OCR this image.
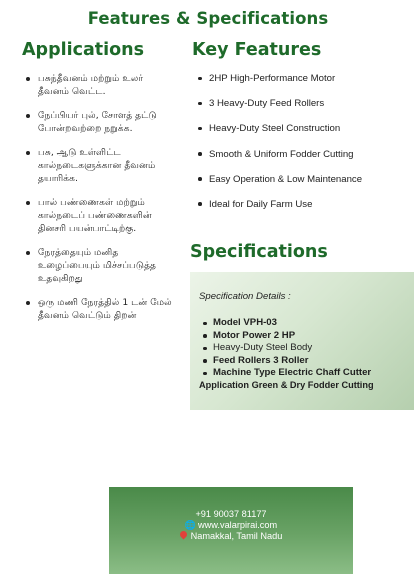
Features & Specifications
Applications
பசுந்தீவனம் மற்றும் உலர் தீவனம் வெட்ட.
நேப்பியர் புல், சோளத் தட்டு போன்றவற்றை நறுக்க.
பசு, ஆடு உள்ளிட்ட கால்நடைகளுக்கான தீவனம் தயாரிக்க.
பால் பண்ணைகள் மற்றும் கால்நடைப் பண்ணைகளின் தினசரி பயன்பாட்டிற்கு.
நேரத்தையும் மனித உழைப்பையும் மிச்சப்படுத்த உதவுகிறது
ஒரு மணி நேரத்தில் 1 டன் மேல் தீவனம் வெட்டும் திறன்
Key Features
2HP High-Performance Motor
3 Heavy-Duty Feed Rollers
Heavy-Duty Steel Construction
Smooth & Uniform Fodder Cutting
Easy Operation & Low Maintenance
Ideal for Daily Farm Use
Specifications
Specification Details :
Model VPH-03
Motor Power 2 HP
Heavy-Duty Steel Body
Feed Rollers 3 Roller
Machine Type Electric Chaff Cutter
Application Green & Dry Fodder Cutting
+91 90037 81177
🌐 www.valarpirai.com
Namakkal, Tamil Nadu
